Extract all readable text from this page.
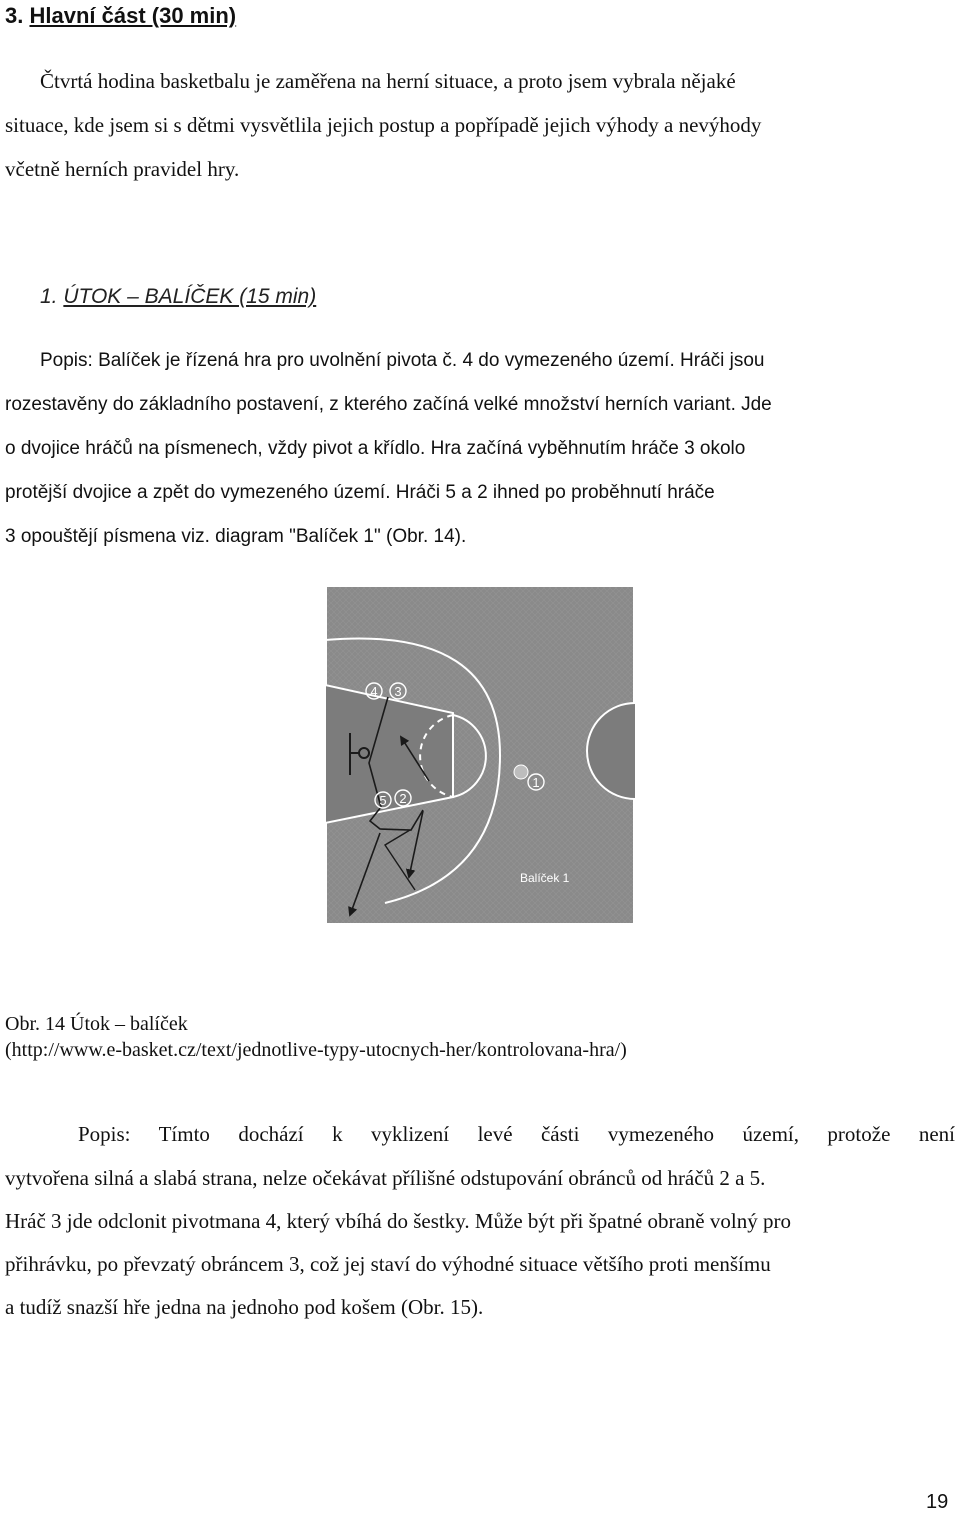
3. Hlavní část (30 min)
Čtvrtá hodina basketbalu je zaměřena na herní situace, a proto jsem vybrala nějaké
situace, kde jsem si s dětmi vysvětlila jejich postup a popřípadě jejich výhody a nevýhody
včetně herních pravidel hry.
1. ÚTOK – BALÍČEK (15 min)
Popis: Balíček je řízená hra pro uvolnění pivota č. 4 do vymezeného území. Hráči jsou
rozestavěny do základního postavení, z kterého začíná velké množství herních variant. Jde
o dvojice hráčů na písmenech, vždy pivot a křídlo. Hra začíná vyběhnutím hráče 3 okolo
protější dvojice a zpět do vymezeného území. Hráči 5 a 2 ihned po proběhnutí hráče
3 opouštějí písmena viz. diagram "Balíček 1" (Obr. 14).
4 3
5 2
1
Balíček 1
Obr. 14 Útok – balíček
(http://www.e-basket.cz/text/jednotlive-typy-utocnych-her/kontrolovana-hra/)
Popis: Tímto dochází k vyklizení levé části vymezeného území, protože není
vytvořena silná a slabá strana, nelze očekávat přílišné odstupování obránců od hráčů 2 a 5.
Hráč 3 jde odclonit pivotmana 4, který vbíhá do šestky. Může být při špatné obraně volný pro
přihrávku, po převzatý obráncem 3, což jej staví do výhodné situace většího proti menšímu
a tudíž snazší hře jedna na jednoho pod košem (Obr. 15).
19
